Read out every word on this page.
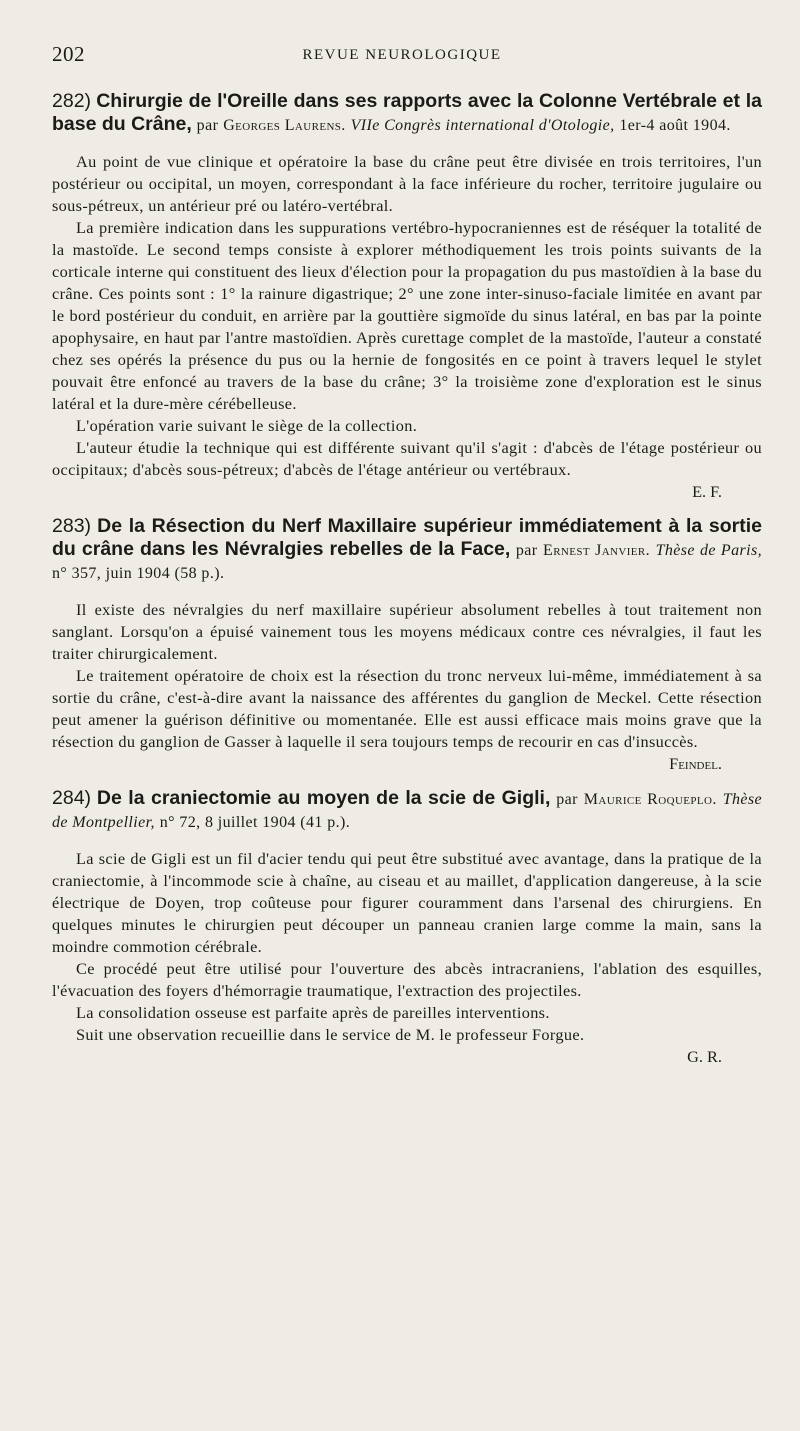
202	REVUE NEUROLOGIQUE
282) Chirurgie de l'Oreille dans ses rapports avec la Colonne Vertébrale et la base du Crâne, par Georges Laurens. VIIe Congrès international d'Otologie, 1er-4 août 1904.

Au point de vue clinique et opératoire la base du crâne peut être divisée en trois territoires, l'un postérieur ou occipital, un moyen, correspondant à la face inférieure du rocher, territoire jugulaire ou sous-pétreux, un antérieur pré ou latéro-vertébral.

La première indication dans les suppurations vertébro-hypocraniennes est de réséquer la totalité de la mastoïde. Le second temps consiste à explorer méthodiquement les trois points suivants de la corticale interne qui constituent des lieux d'élection pour la propagation du pus mastoïdien à la base du crâne. Ces points sont : 1° la rainure digastrique; 2° une zone inter-sinuso-faciale limitée en avant par le bord postérieur du conduit, en arrière par la gouttière sigmoïde du sinus latéral, en bas par la pointe apophysaire, en haut par l'antre mastoïdien. Après curettage complet de la mastoïde, l'auteur a constaté chez ses opérés la présence du pus ou la hernie de fongosités en ce point à travers lequel le stylet pouvait être enfoncé au travers de la base du crâne; 3° la troisième zone d'exploration est le sinus latéral et la dure-mère cérébelleuse.

L'opération varie suivant le siège de la collection.

L'auteur étudie la technique qui est différente suivant qu'il s'agit : d'abcès de l'étage postérieur ou occipitaux; d'abcès sous-pétreux; d'abcès de l'étage antérieur ou vertébraux.

E. F.

283) De la Résection du Nerf Maxillaire supérieur immédiatement à la sortie du crâne dans les Névralgies rebelles de la Face, par Ernest Janvier. Thèse de Paris, n° 357, juin 1904 (58 p.).

Il existe des névralgies du nerf maxillaire supérieur absolument rebelles à tout traitement non sanglant. Lorsqu'on a épuisé vainement tous les moyens médicaux contre ces névralgies, il faut les traiter chirurgicalement.

Le traitement opératoire de choix est la résection du tronc nerveux lui-même, immédiatement à sa sortie du crâne, c'est-à-dire avant la naissance des afférentes du ganglion de Meckel. Cette résection peut amener la guérison définitive ou momentanée. Elle est aussi efficace mais moins grave que la résection du ganglion de Gasser à laquelle il sera toujours temps de recourir en cas d'insuccès.

Feindel.

284) De la craniectomie au moyen de la scie de Gigli, par Maurice Roqueplo. Thèse de Montpellier, n° 72, 8 juillet 1904 (41 p.).

La scie de Gigli est un fil d'acier tendu qui peut être substitué avec avantage, dans la pratique de la craniectomie, à l'incommode scie à chaîne, au ciseau et au maillet, d'application dangereuse, à la scie électrique de Doyen, trop coûteuse pour figurer couramment dans l'arsenal des chirurgiens. En quelques minutes le chirurgien peut découper un panneau cranien large comme la main, sans la moindre commotion cérébrale.

Ce procédé peut être utilisé pour l'ouverture des abcès intracraniens, l'ablation des esquilles, l'évacuation des foyers d'hémorragie traumatique, l'extraction des projectiles.

La consolidation osseuse est parfaite après de pareilles interventions.

Suit une observation recueillie dans le service de M. le professeur Forgue.

G. R.
